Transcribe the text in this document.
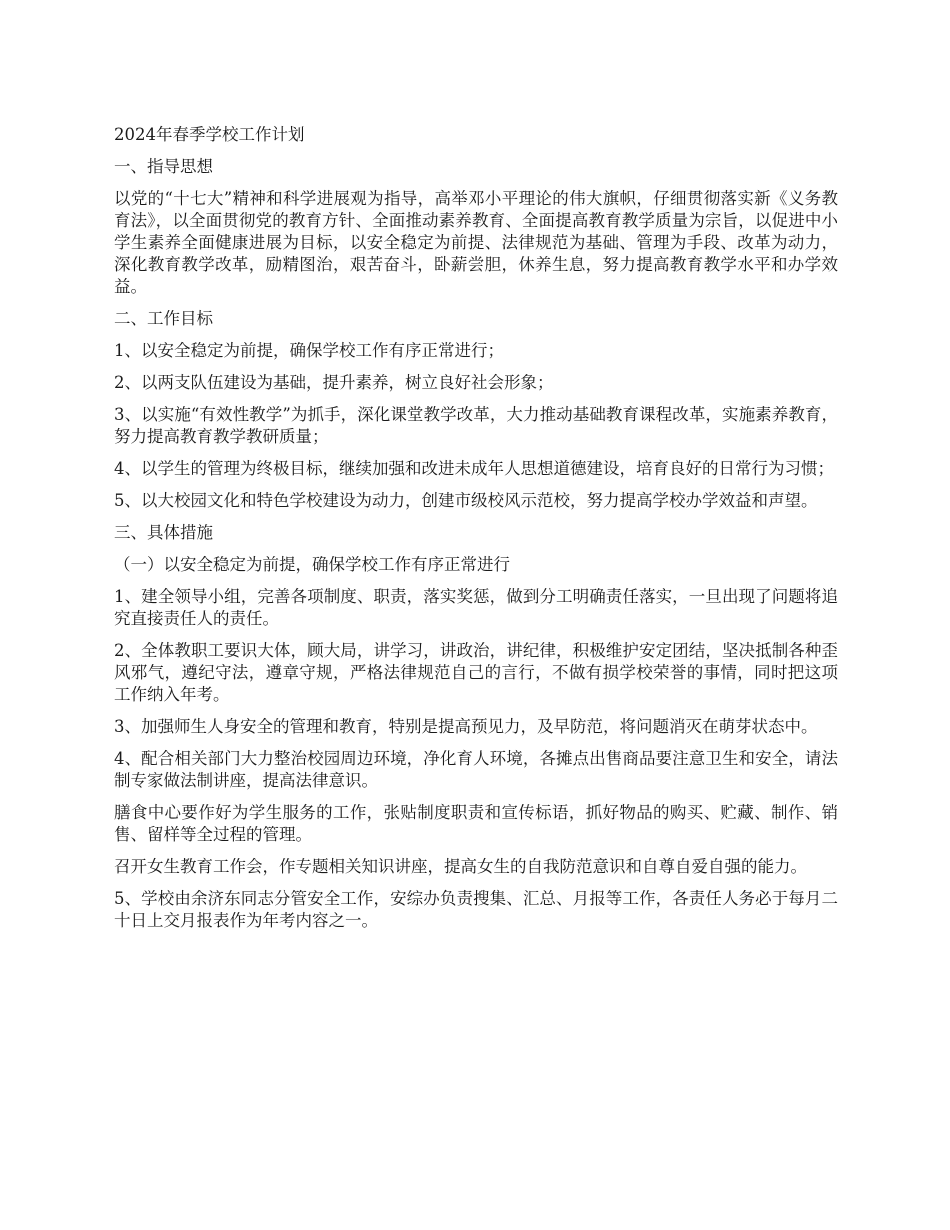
2024年春季学校工作计划

一、指导思想

以党的“十七大”精神和科学进展观为指导，高举邓小平理论的伟大旗帜，仔细贯彻落实新《义务教育法》，以全面贯彻党的教育方针、全面推动素养教育、全面提高教育教学质量为宗旨，以促进中小学生素养全面健康进展为目标，以安全稳定为前提、法律规范为基础、管理为手段、改革为动力，深化教育教学改革，励精图治，艰苦奋斗，卧薪尝胆，休养生息，努力提高教育教学水平和办学效益。

二、工作目标

1、以安全稳定为前提，确保学校工作有序正常进行；

2、以两支队伍建设为基础，提升素养，树立良好社会形象；

3、以实施“有效性教学”为抓手，深化课堂教学改革，大力推动基础教育课程改革，实施素养教育，努力提高教育教学教研质量；

4、以学生的管理为终极目标，继续加强和改进未成年人思想道德建设，培育良好的日常行为习惯；

5、以大校园文化和特色学校建设为动力，创建市级校风示范校，努力提高学校办学效益和声望。

三、具体措施

（一）以安全稳定为前提，确保学校工作有序正常进行

1、建全领导小组，完善各项制度、职责，落实奖惩，做到分工明确责任落实，一旦出现了问题将追究直接责任人的责任。

2、全体教职工要识大体，顾大局，讲学习，讲政治，讲纪律，积极维护安定团结，坚决抵制各种歪风邪气，遵纪守法，遵章守规，严格法律规范自己的言行，不做有损学校荣誉的事情，同时把这项工作纳入年考。

3、加强师生人身安全的管理和教育，特别是提高预见力，及早防范，将问题消灭在萌芽状态中。

4、配合相关部门大力整治校园周边环境，净化育人环境，各摊点出售商品要注意卫生和安全，请法制专家做法制讲座，提高法律意识。

膳食中心要作好为学生服务的工作，张贴制度职责和宣传标语，抓好物品的购买、贮藏、制作、销售、留样等全过程的管理。

召开女生教育工作会，作专题相关知识讲座，提高女生的自我防范意识和自尊自爱自强的能力。

5、学校由余济东同志分管安全工作，安综办负责搜集、汇总、月报等工作，各责任人务必于每月二十日上交月报表作为年考内容之一。
